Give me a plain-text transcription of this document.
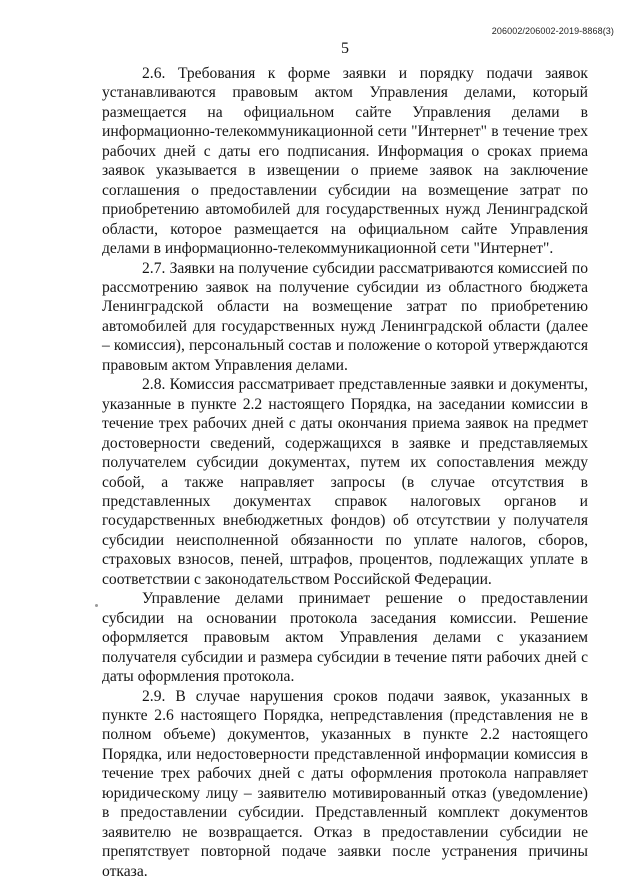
206002/206002-2019-8868(3)
5

2.6. Требования к форме заявки и порядку подачи заявок устанавливаются правовым актом Управления делами, который размещается на официальном сайте Управления делами в информационно-телекоммуникационной сети "Интернет" в течение трех рабочих дней с даты его подписания. Информация о сроках приема заявок указывается в извещении о приеме заявок на заключение соглашения о предоставлении субсидии на возмещение затрат по приобретению автомобилей для государственных нужд Ленинградской области, которое размещается на официальном сайте Управления делами в информационно-телекоммуникационной сети "Интернет".

2.7. Заявки на получение субсидии рассматриваются комиссией по рассмотрению заявок на получение субсидии из областного бюджета Ленинградской области на возмещение затрат по приобретению автомобилей для государственных нужд Ленинградской области (далее – комиссия), персональный состав и положение о которой утверждаются правовым актом Управления делами.

2.8. Комиссия рассматривает представленные заявки и документы, указанные в пункте 2.2 настоящего Порядка, на заседании комиссии в течение трех рабочих дней с даты окончания приема заявок на предмет достоверности сведений, содержащихся в заявке и представляемых получателем субсидии документах, путем их сопоставления между собой, а также направляет запросы (в случае отсутствия в представленных документах справок налоговых органов и государственных внебюджетных фондов) об отсутствии у получателя субсидии неисполненной обязанности по уплате налогов, сборов, страховых взносов, пеней, штрафов, процентов, подлежащих уплате в соответствии с законодательством Российской Федерации.

Управление делами принимает решение о предоставлении субсидии на основании протокола заседания комиссии. Решение оформляется правовым актом Управления делами с указанием получателя субсидии и размера субсидии в течение пяти рабочих дней с даты оформления протокола.

2.9. В случае нарушения сроков подачи заявок, указанных в пункте 2.6 настоящего Порядка, непредставления (представления не в полном объеме) документов, указанных в пункте 2.2 настоящего Порядка, или недостоверности представленной информации комиссия в течение трех рабочих дней с даты оформления протокола направляет юридическому лицу – заявителю мотивированный отказ (уведомление) в предоставлении субсидии. Представленный комплект документов заявителю не возвращается. Отказ в предоставлении субсидии не препятствует повторной подаче заявки после устранения причины отказа.
